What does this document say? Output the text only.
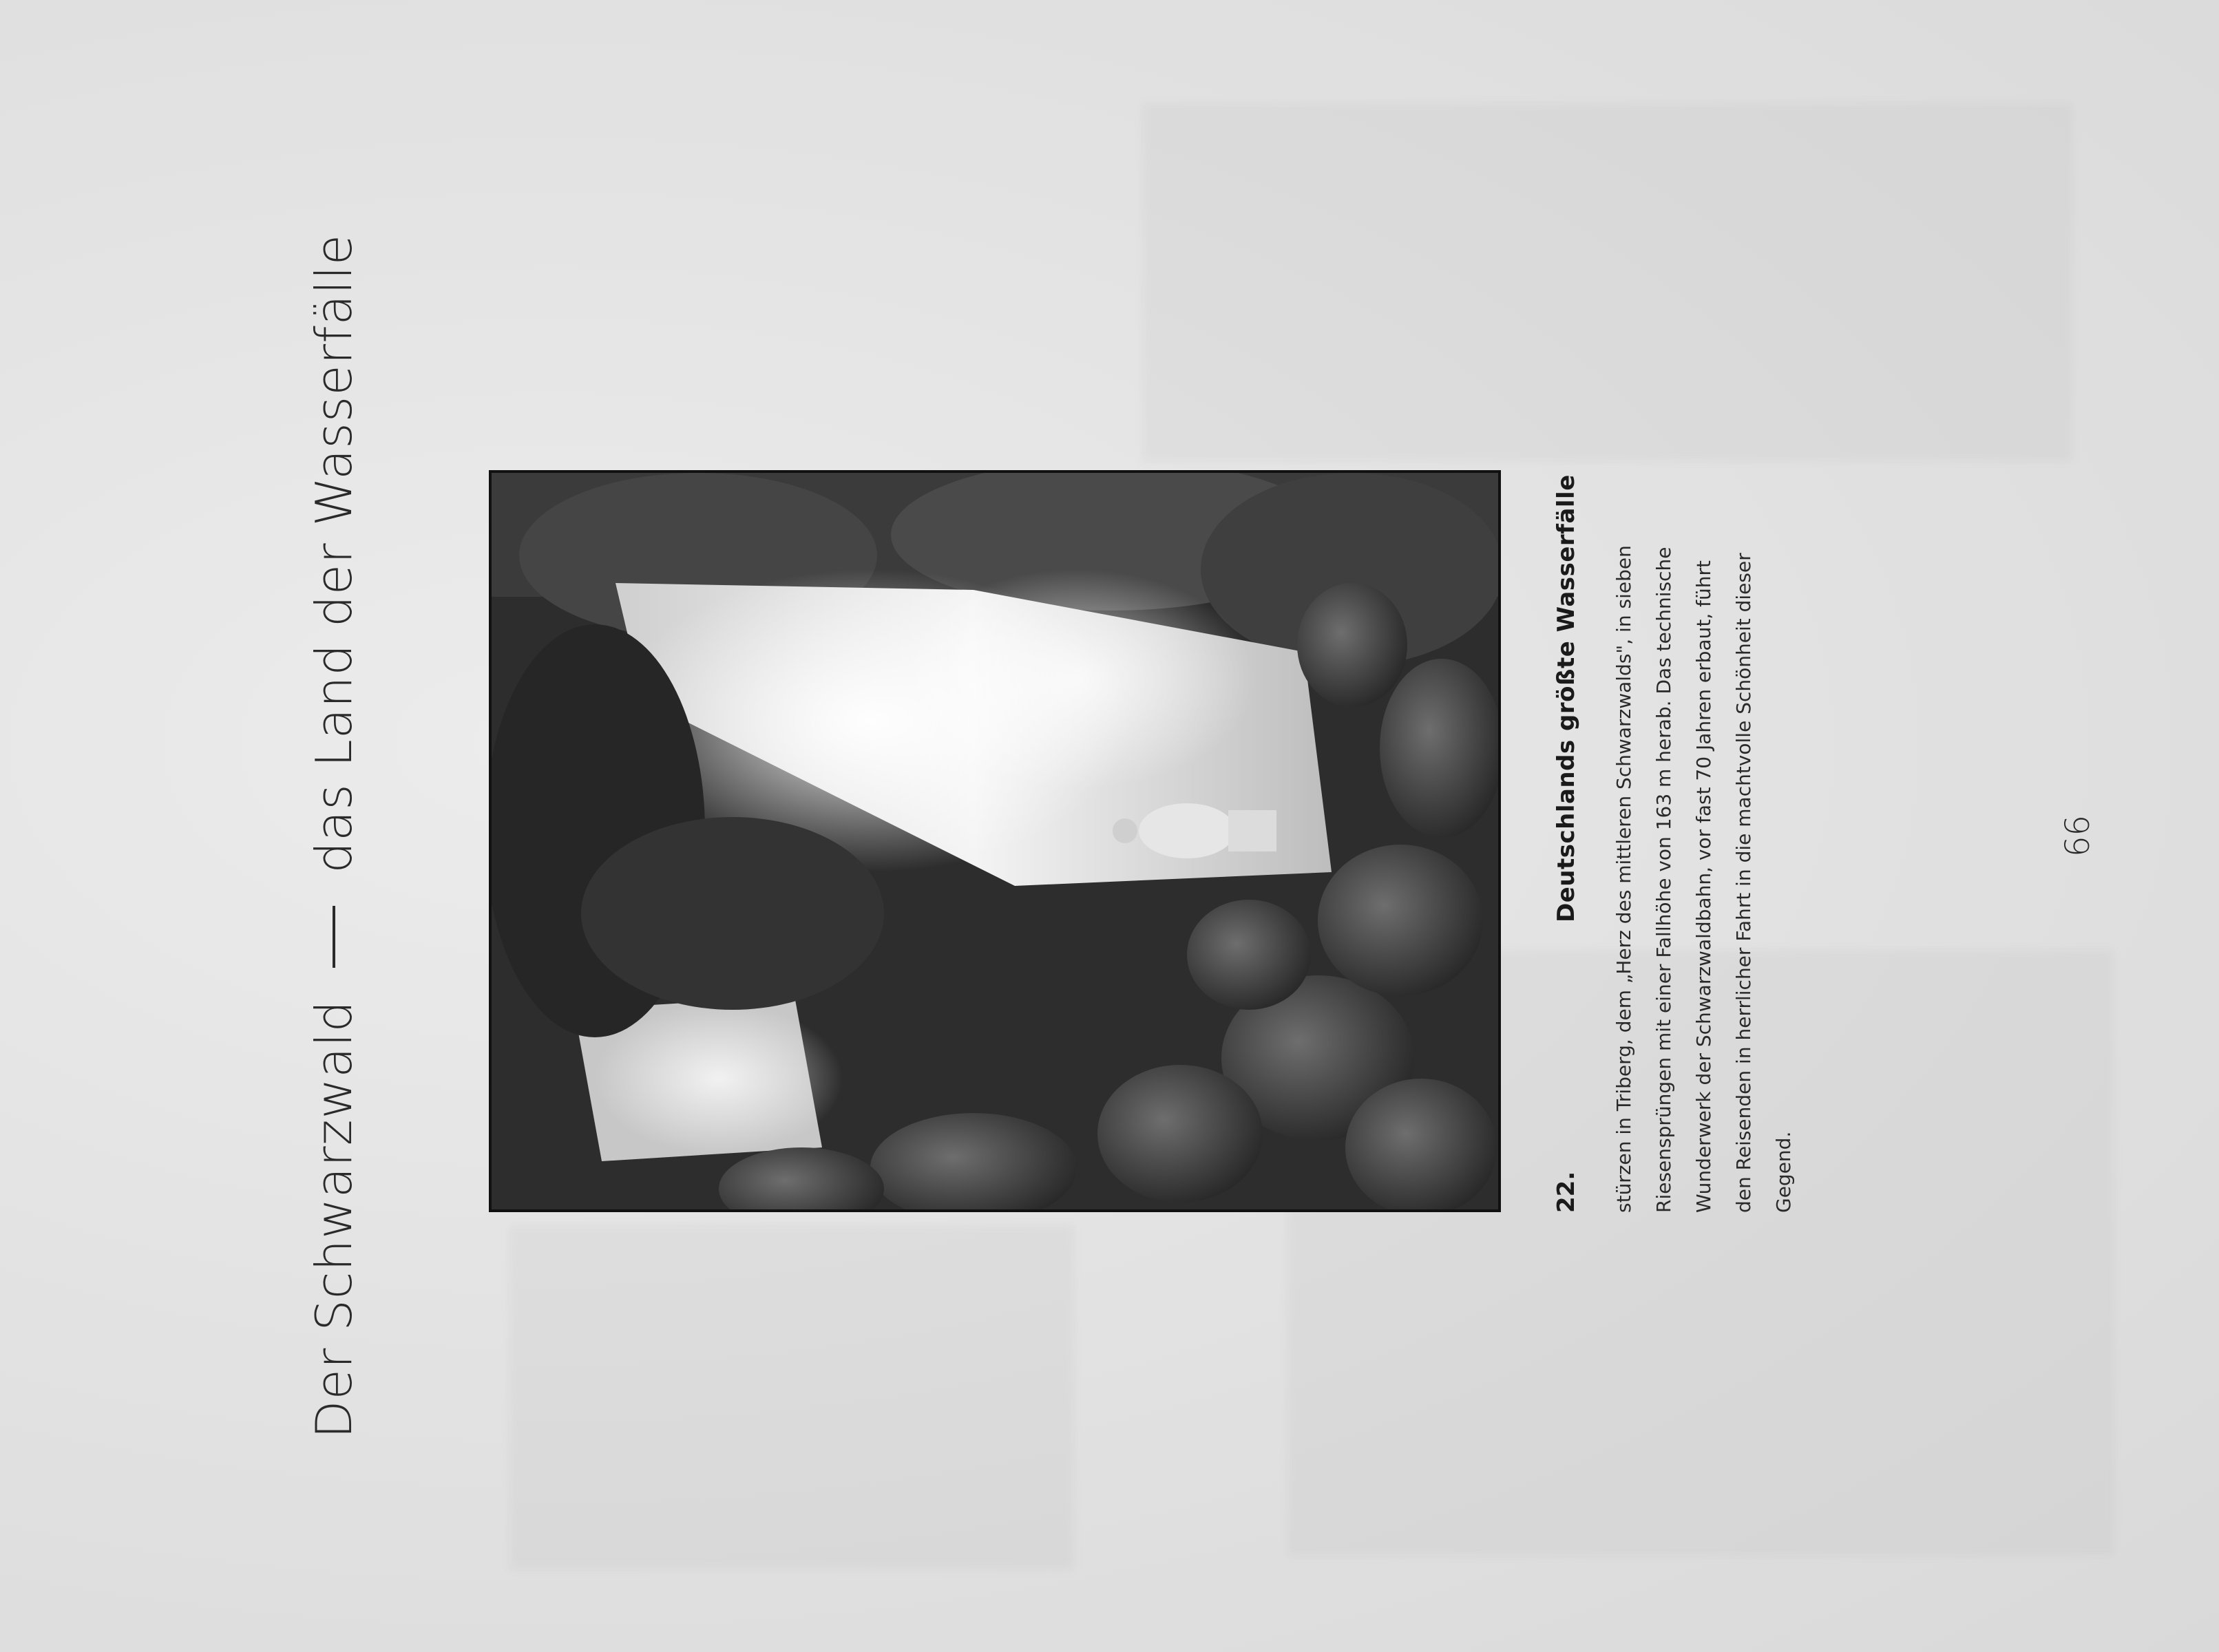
Der Schwarzwald
das Land der Wasserfälle
22.
Deutschlands größte Wasserfälle	stürzen in Triberg, dem „Herz des mittleren Schwarzwalds", in sieben Riesensprüngen mit einer Fallhöhe von 163 m herab. Das technische Wunderwerk der Schwarzwaldbahn, vor fast 70 Jahren erbaut, führt den Reisenden in herrlicher Fahrt in die machtvolle Schönheit dieser Gegend.
66
